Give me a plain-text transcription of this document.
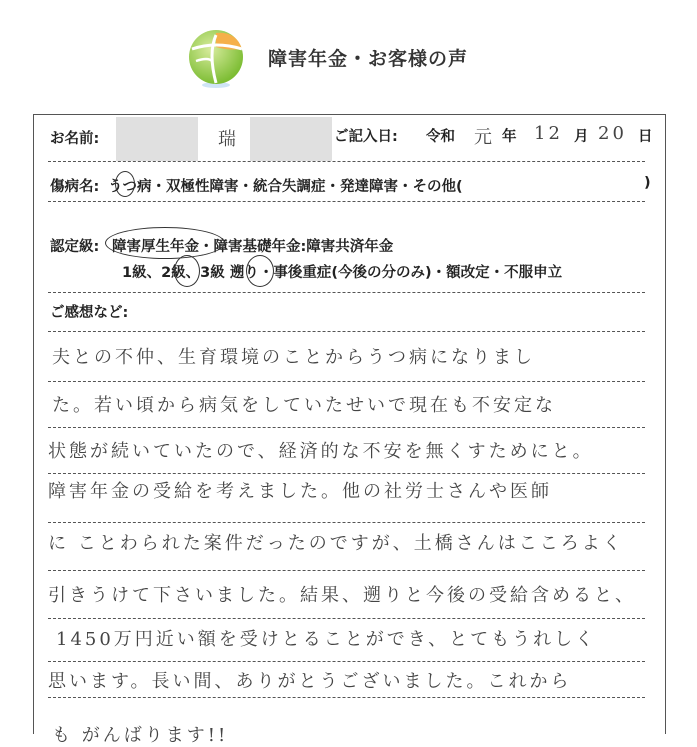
障害年金・お客様の声
お名前:	瑞	ご記入日: 令和 元 年 12 月 20 日
傷病名: うつ病・双極性障害・統合失調症・発達障害・その他(	)
認定級: 障害厚生年金・障害基礎年金:障害共済年金
1級、2級、3級 遡り・事後重症(今後の分のみ)・額改定・不服申立
ご感想など:
夫との不仲、生育環境のことからうつ病になりまし
た。若い頃から病気をしていたせいで現在も不安定な
状態が続いていたので、経済的な不安を無くすためにと。
障害年金の受給を考えました。他の社労士さんや医師
に ことわられた案件だったのですが、土橋さんはこころよく
引きうけて下さいました。結果、遡りと今後の受給含めると、
1450万円近い額を受けとることができ、とてもうれしく
思います。長い間、ありがとうございました。これから
も がんばります!!
